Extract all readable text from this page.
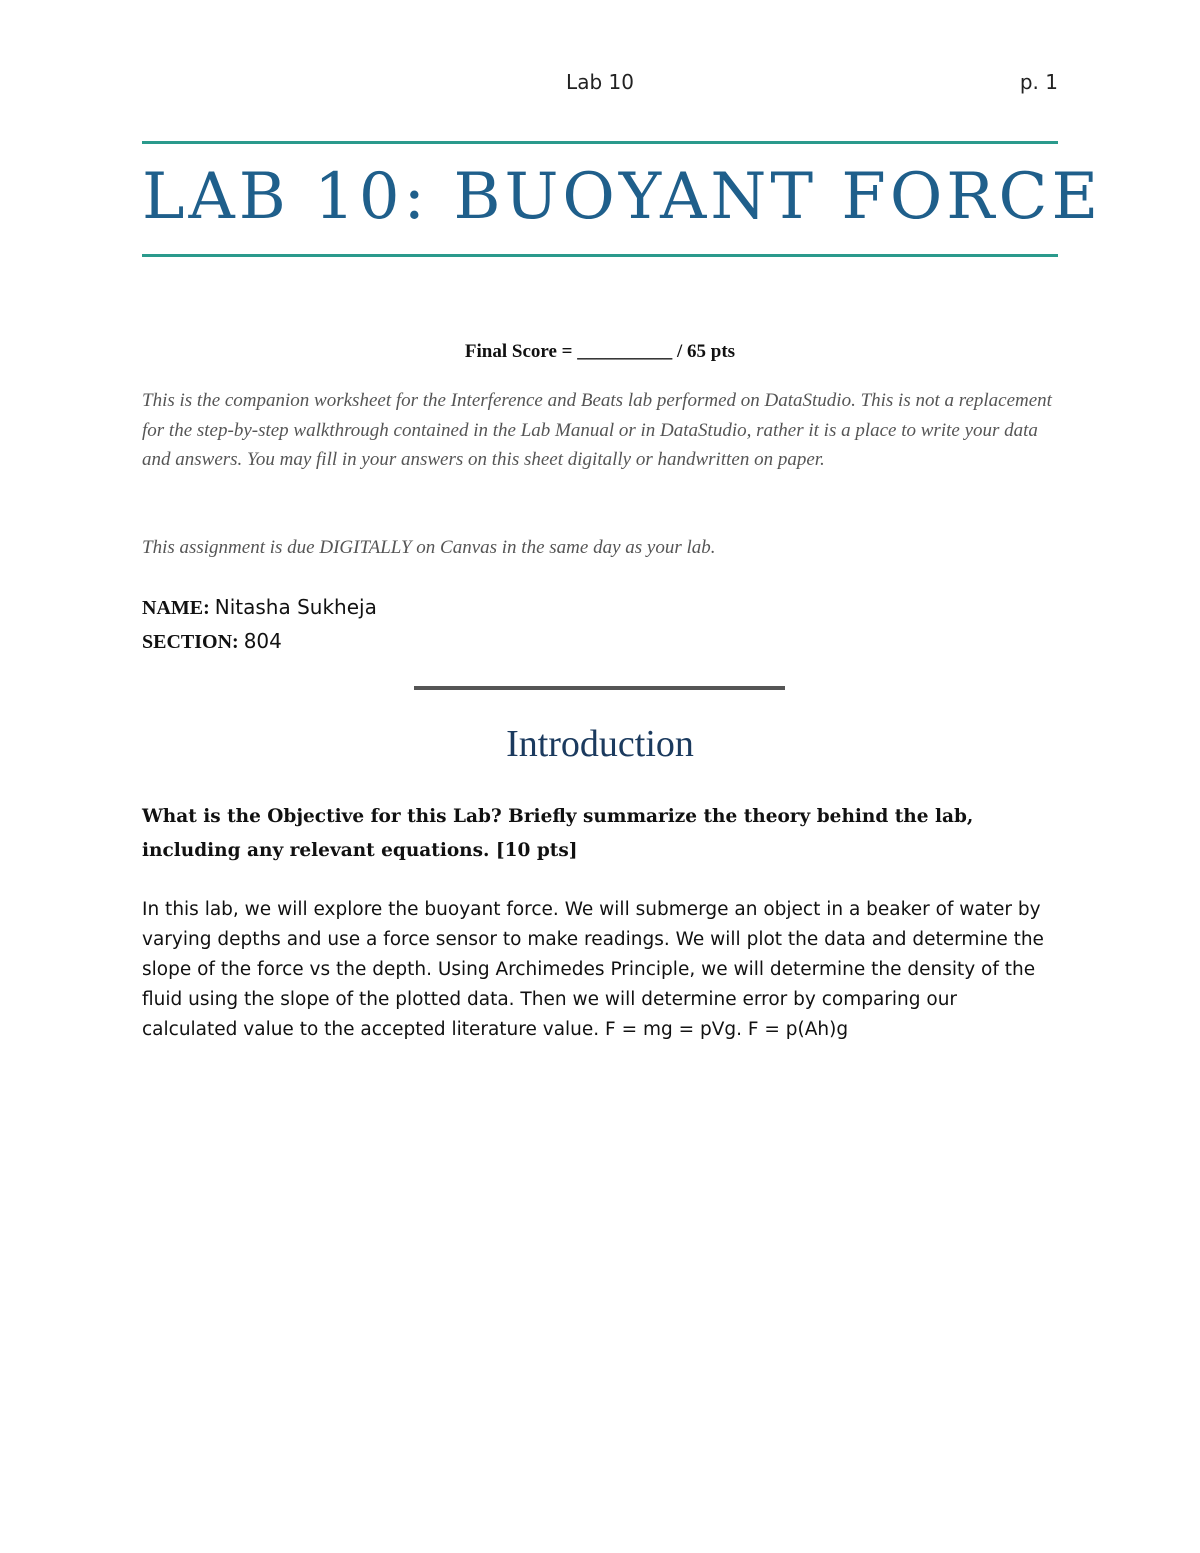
Lab 10	p. 1
LAB 10: BUOYANT FORCE
Final Score = __________ / 65 pts
This is the companion worksheet for the Interference and Beats lab performed on DataStudio. This is not a replacement for the step-by-step walkthrough contained in the Lab Manual or in DataStudio, rather it is a place to write your data and answers. You may fill in your answers on this sheet digitally or handwritten on paper.
This assignment is due DIGITALLY on Canvas in the same day as your lab.
NAME: Nitasha Sukheja
SECTION: 804
Introduction
What is the Objective for this Lab? Briefly summarize the theory behind the lab, including any relevant equations. [10 pts]
In this lab, we will explore the buoyant force. We will submerge an object in a beaker of water by varying depths and use a force sensor to make readings. We will plot the data and determine the slope of the force vs the depth. Using Archimedes Principle, we will determine the density of the fluid using the slope of the plotted data. Then we will determine error by comparing our calculated value to the accepted literature value. F = mg = pVg. F = p(Ah)g
